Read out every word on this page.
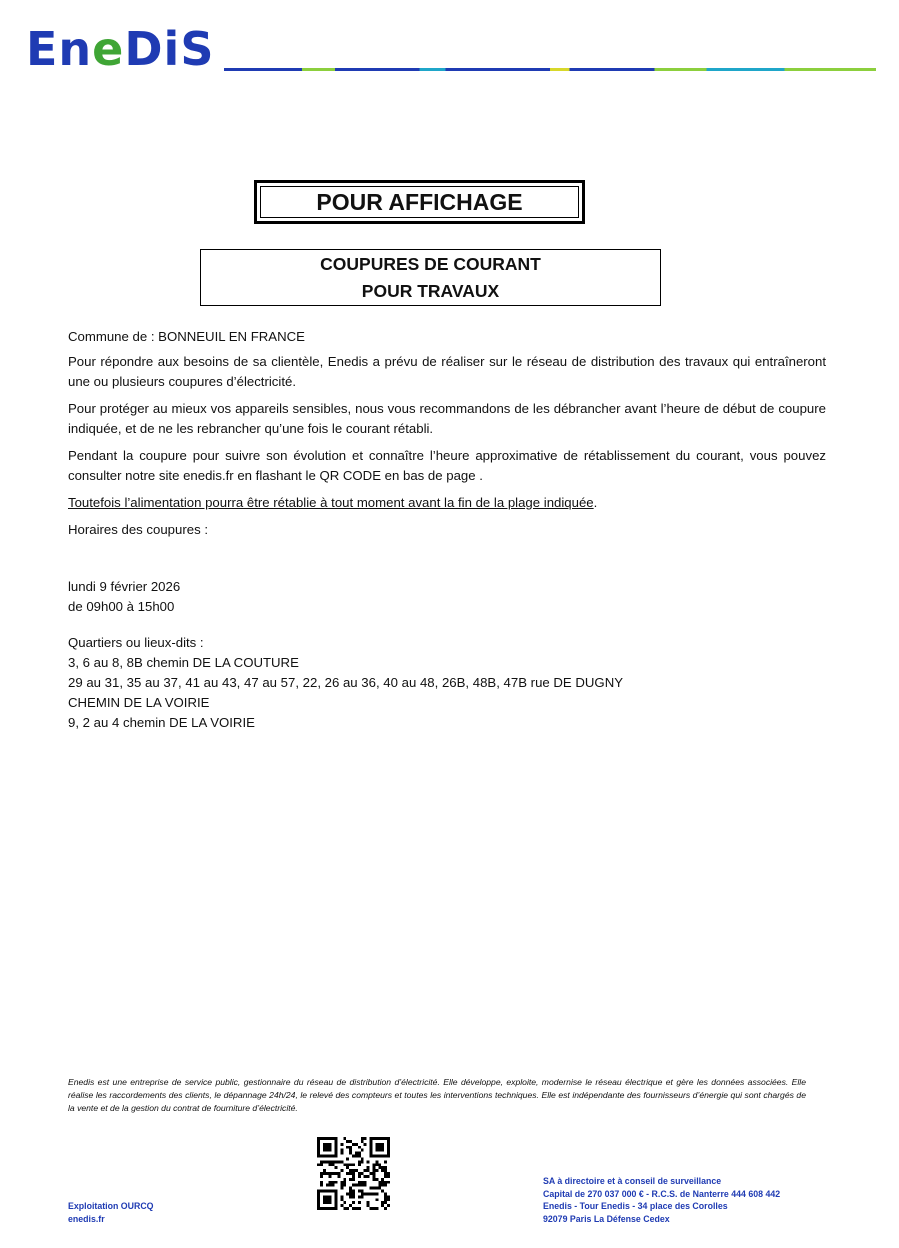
EneDiS
POUR AFFICHAGE
COUPURES DE COURANT
POUR TRAVAUX

Commune de : BONNEUIL EN FRANCE

Pour répondre aux besoins de sa clientèle, Enedis a prévu de réaliser sur le réseau de distribution des travaux qui entraîneront une ou plusieurs coupures d’électricité.

Pour protéger au mieux vos appareils sensibles, nous vous recommandons de les débrancher avant l’heure de début de coupure indiquée, et de ne les rebrancher qu’une fois le courant rétabli.

Pendant la coupure pour suivre son évolution et connaître l’heure approximative de rétablissement du courant, vous pouvez consulter notre site enedis.fr en flashant le QR CODE en bas de page .

Toutefois l’alimentation pourra être rétablie à tout moment avant la fin de la plage indiquée.

Horaires des coupures :

lundi 9 février 2026

de 09h00 à 15h00

Quartiers ou lieux-dits :

3, 6 au 8, 8B chemin DE LA COUTURE

29 au 31, 35 au 37, 41 au 43, 47 au 57, 22, 26 au 36, 40 au 48, 26B, 48B, 47B rue DE DUGNY

CHEMIN DE LA VOIRIE

9, 2 au 4 chemin DE LA VOIRIE

Enedis est une entreprise de service public, gestionnaire du réseau de distribution d’électricité. Elle développe, exploite, modernise le réseau électrique et gère les données associées. Elle réalise les raccordements des clients, le dépannage 24h/24, le relevé des compteurs et toutes les interventions techniques. Elle est indépendante des fournisseurs d’énergie qui sont chargés de la vente et de la gestion du contrat de fourniture d’électricité.
Exploitation OURCQ
enedis.fr
SA à directoire et à conseil de surveillance
Capital de 270 037 000 € - R.C.S. de Nanterre 444 608 442
Enedis - Tour Enedis - 34 place des Corolles
92079 Paris La Défense Cedex
